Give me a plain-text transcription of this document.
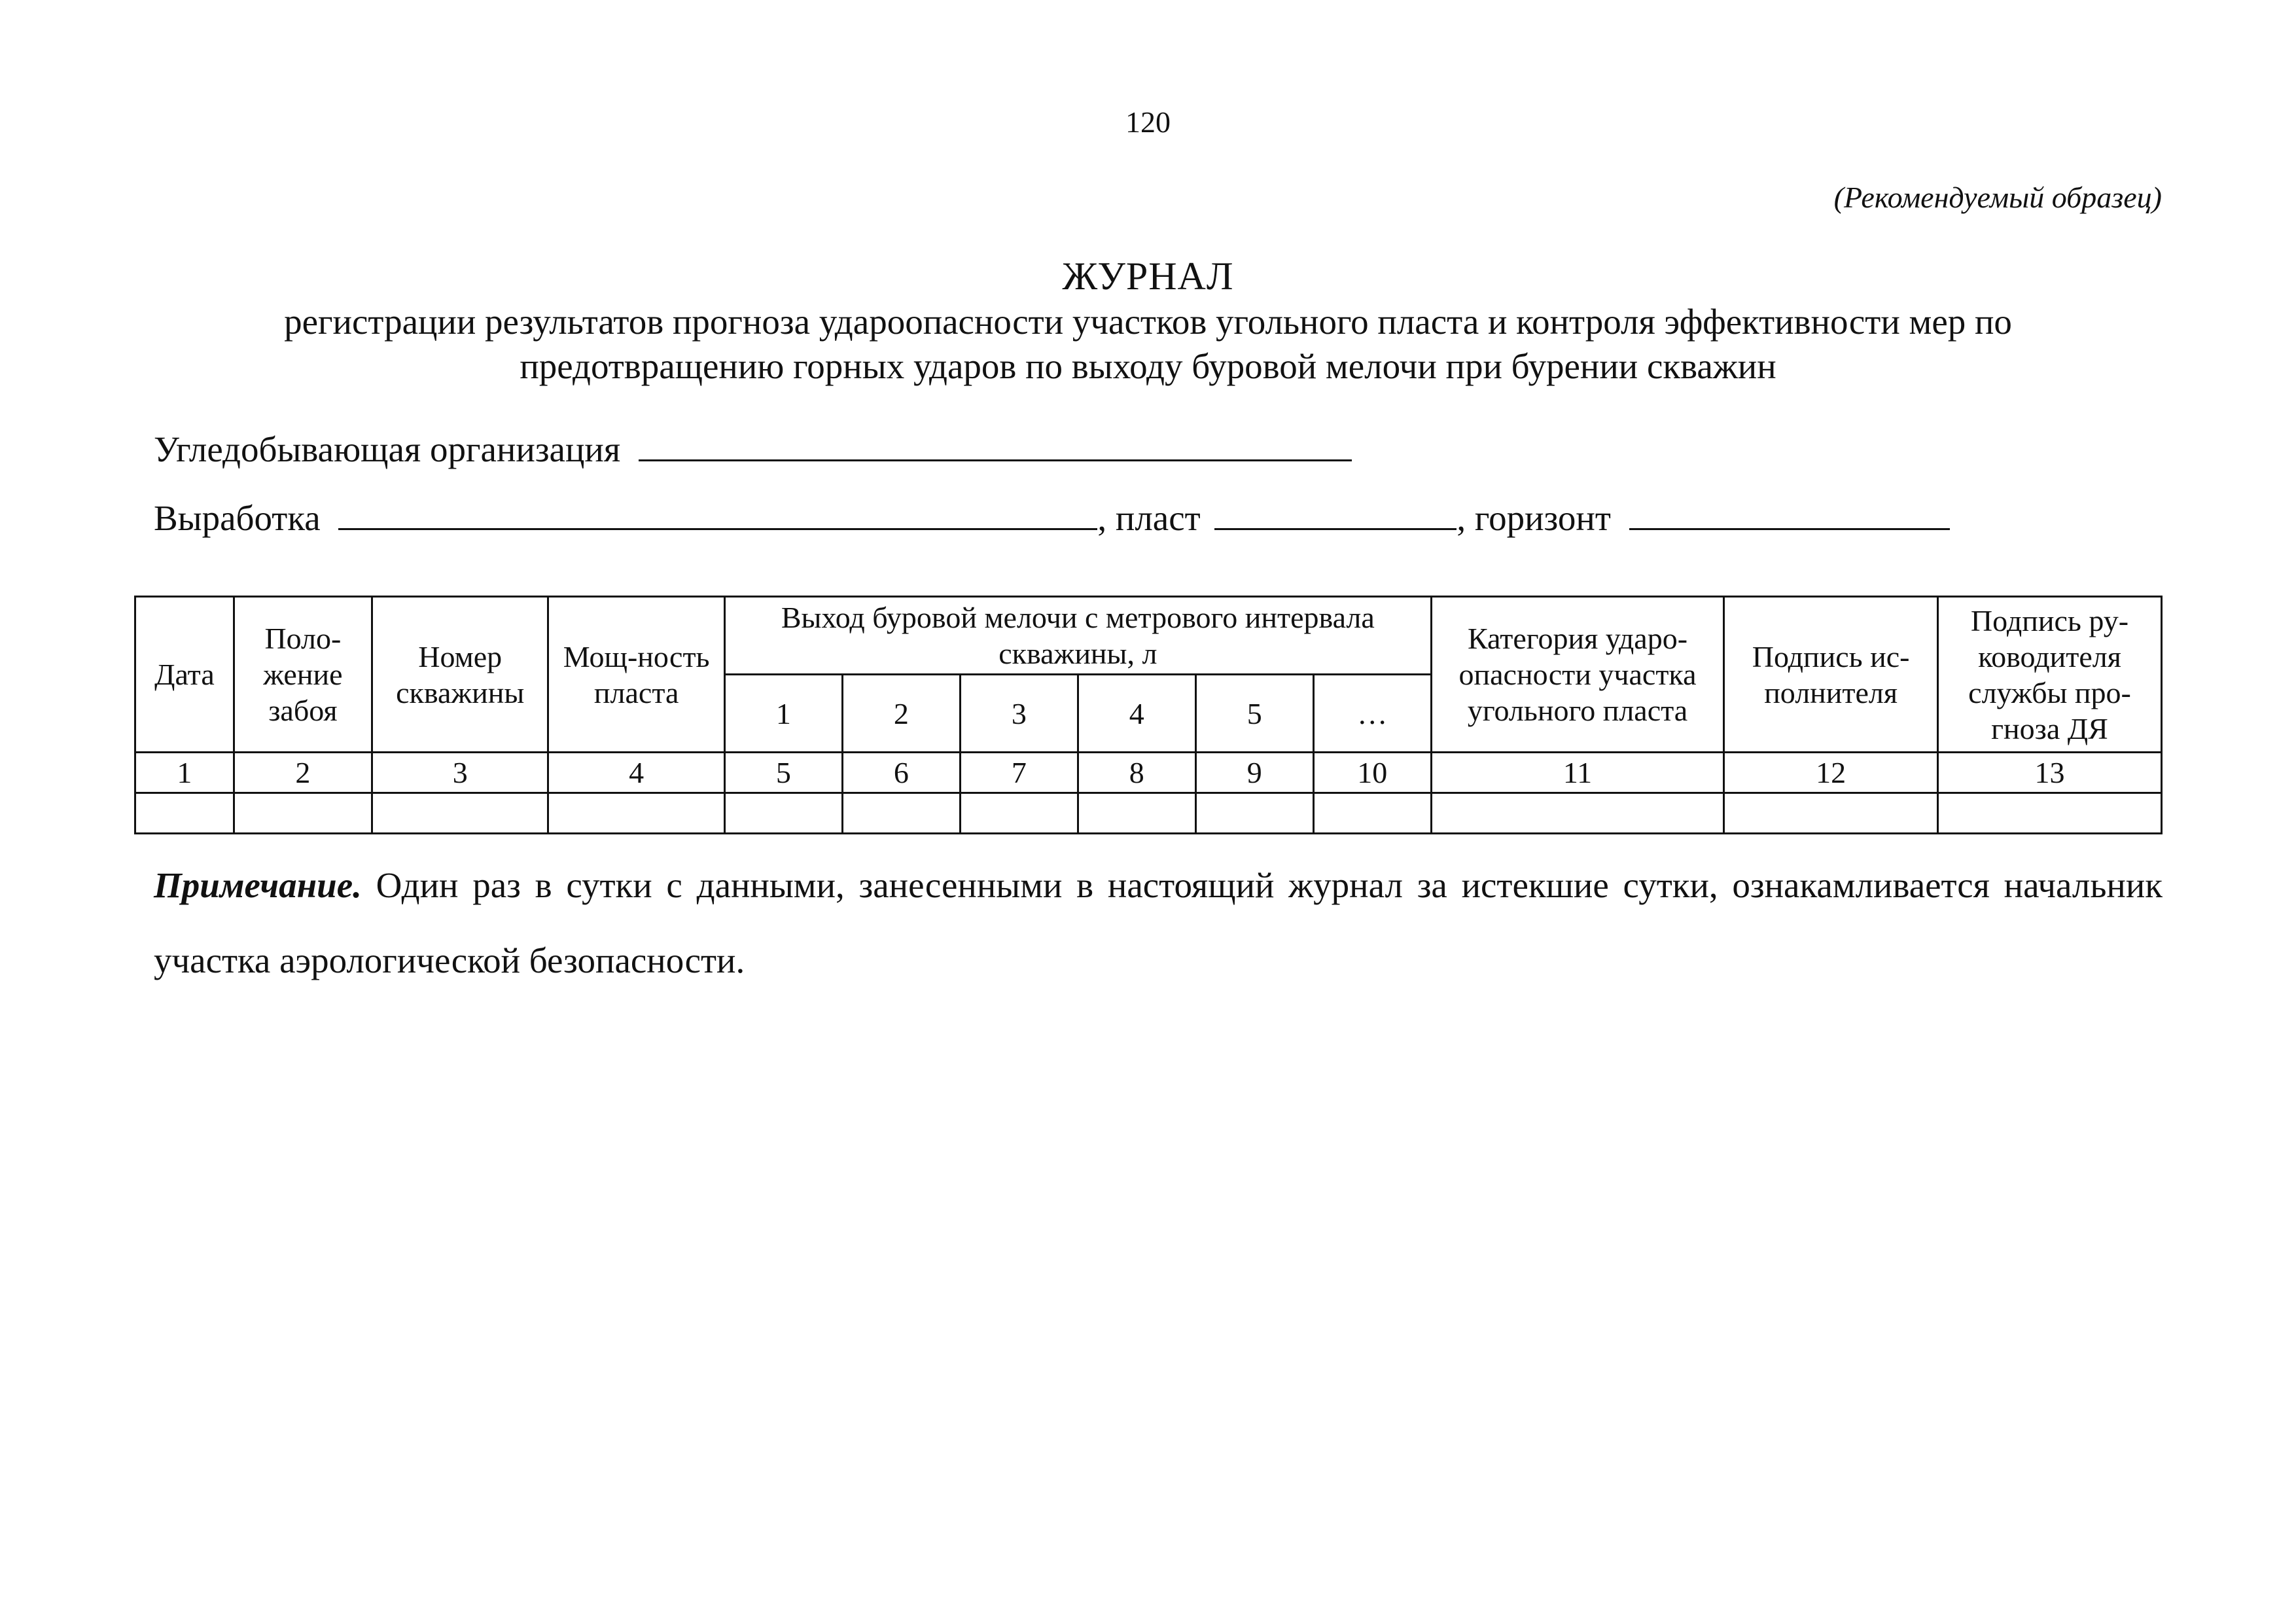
120
(Рекомендуемый образец)
ЖУРНАЛ
регистрации результатов прогноза удароопасности участков угольного пласта и контроля эффективности мер по предотвращению горных ударов по выходу буровой мелочи при бурении скважин
Угледобывающая организация
Выработка	, пласт	, горизонт
Дата	Поло-жение забоя	Номер скважины	Мощ-ность пласта	Выход буровой мелочи с метрового интервала скважины, л						Категория ударо-опасности участка угольного пласта	Подпись ис-полнителя	Подпись ру-ководителя службы про-гноза ДЯ
				1	2	3	4	5	…			
1	2	3	4	5	6	7	8	9	10	11	12	13

Примечание. Один раз в сутки с данными, занесенными в настоящий журнал за истекшие сутки, ознакамливается начальник участка аэрологической безопасности.
